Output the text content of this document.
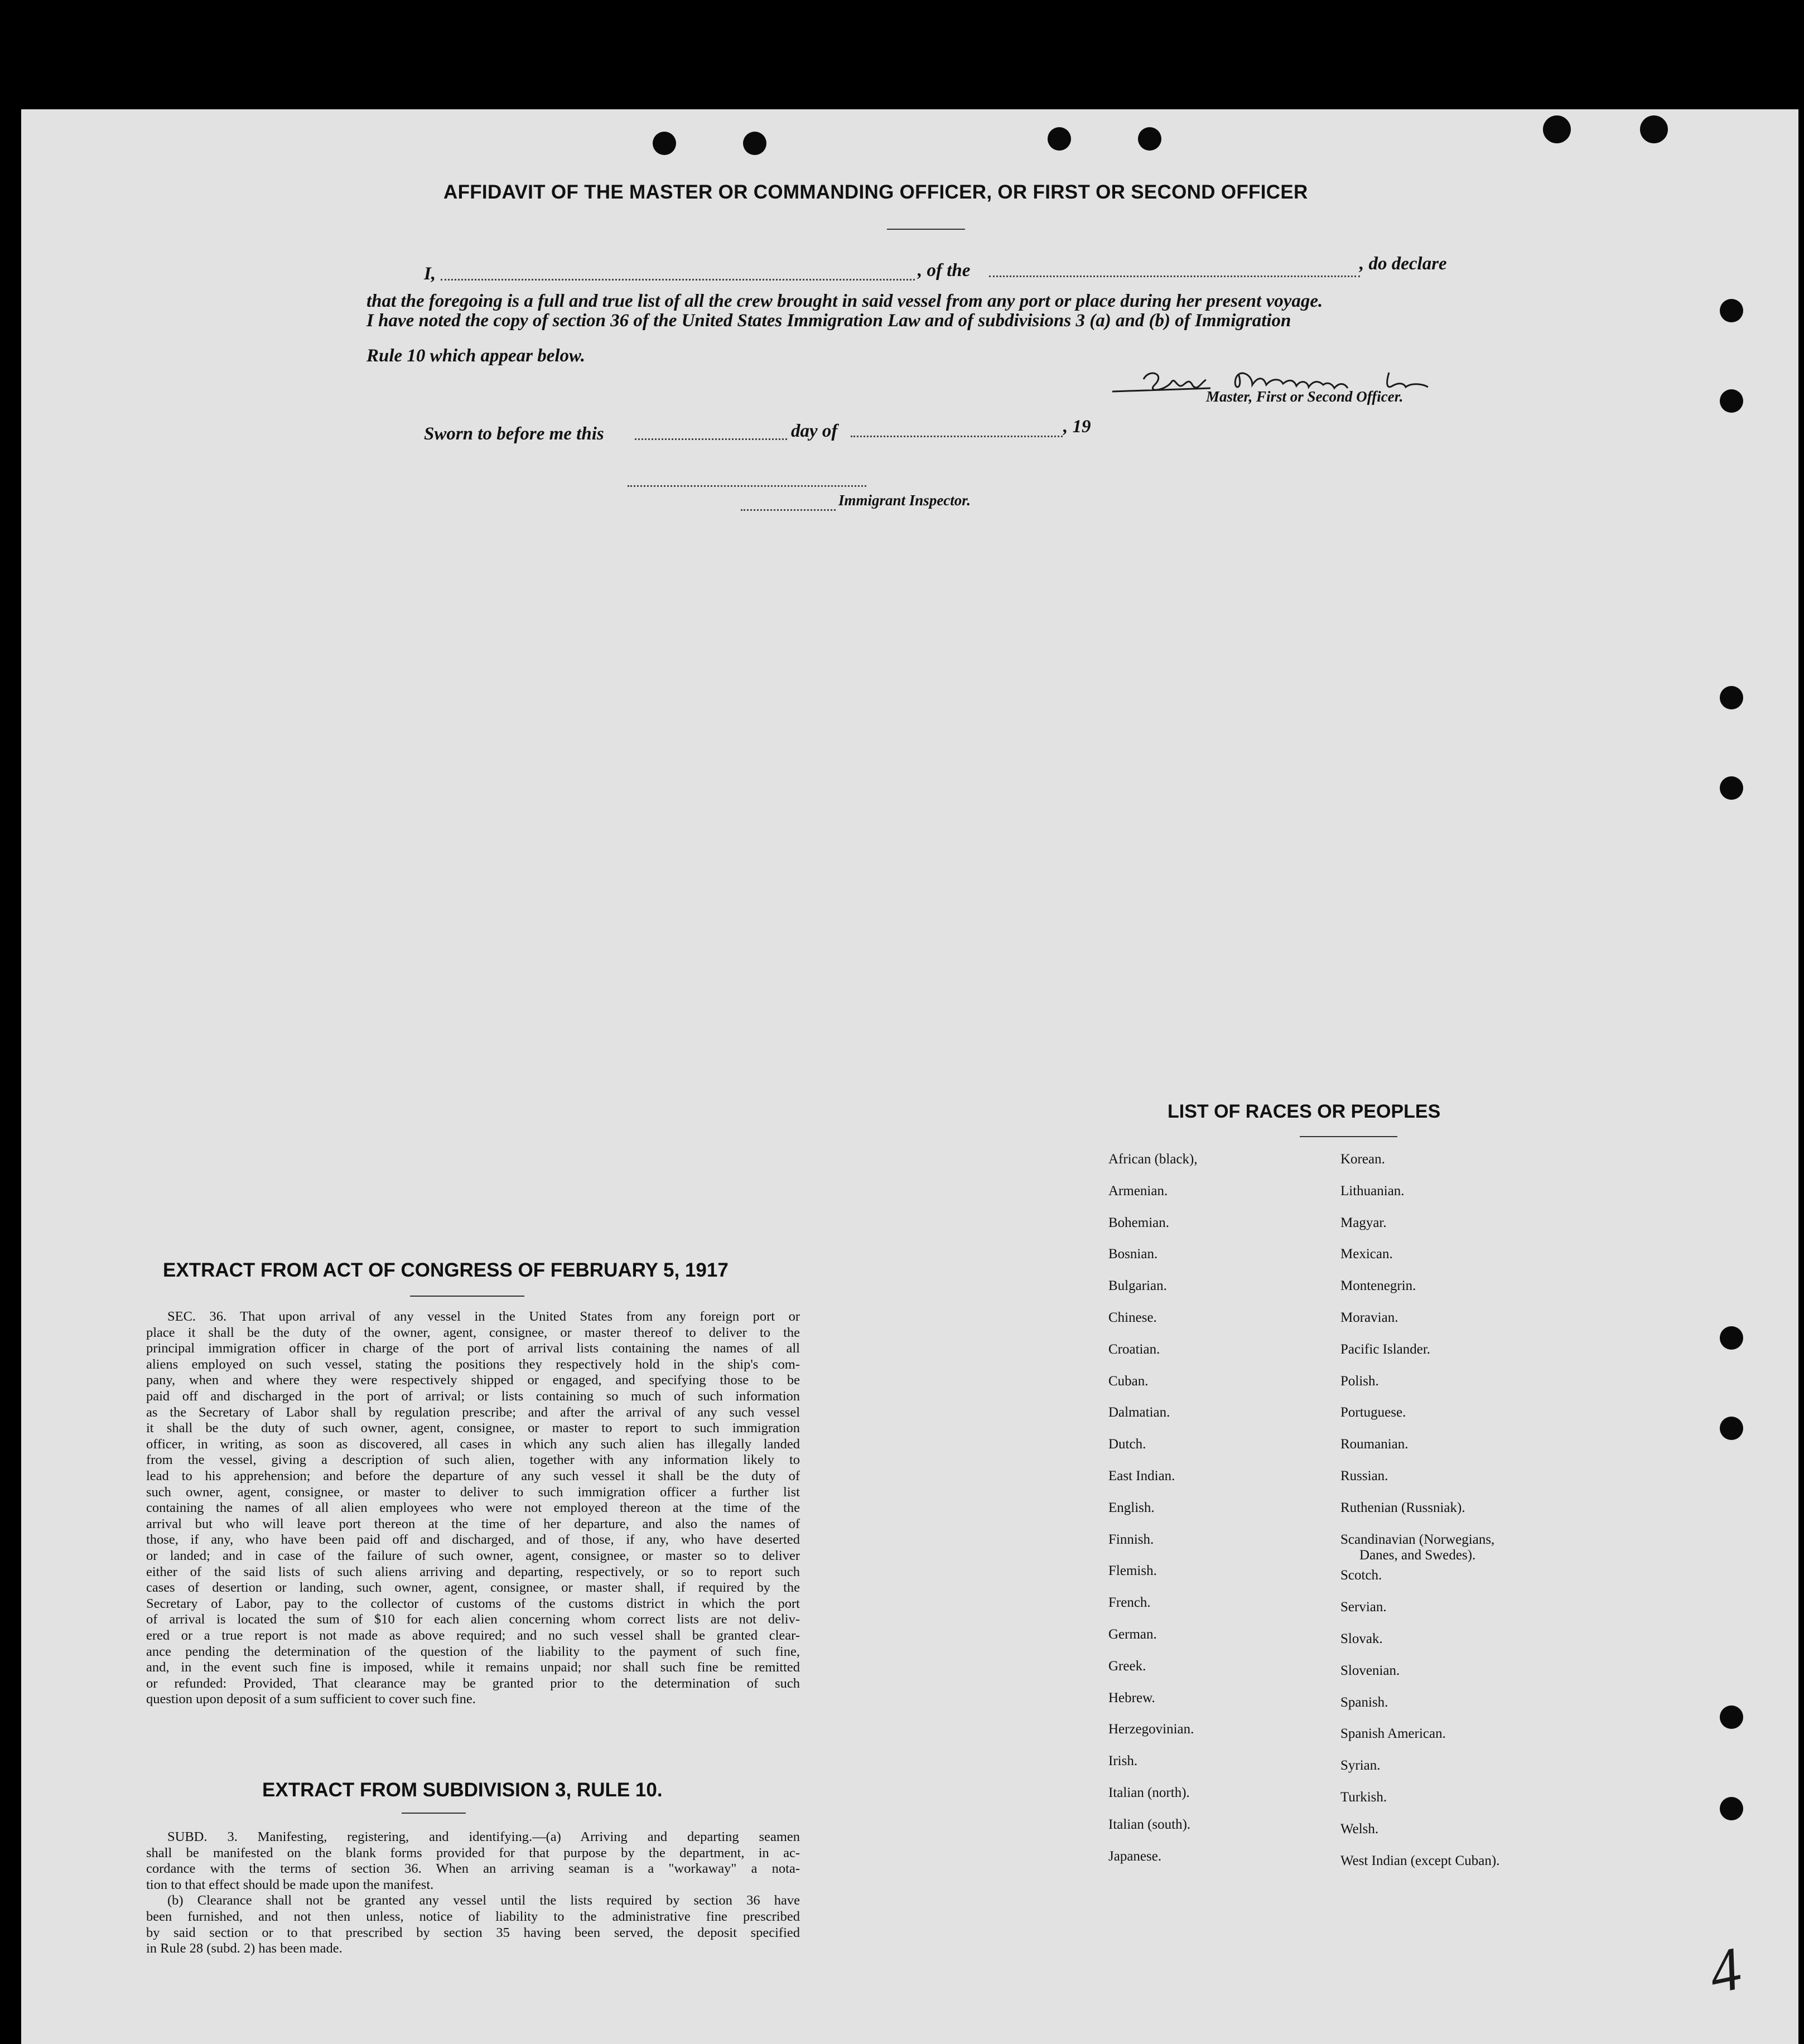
AFFIDAVIT OF THE MASTER OR COMMANDING OFFICER, OR FIRST OR SECOND OFFICER
I,	, of the	, do declare
that the foregoing is a full and true list of all the crew brought in said vessel from any port or place during her present voyage.
I have noted the copy of section 36 of the United States Immigration Law and of subdivisions 3 (a) and (b) of Immigration
Rule 10 which appear below.
Master, First or Second Officer.
Sworn to before me this	day of	, 19
Immigrant Inspector.
LIST OF RACES OR PEOPLES
African (black),
Armenian.
Bohemian.
Bosnian.
Bulgarian.
Chinese.
Croatian.
Cuban.
Dalmatian.
Dutch.
East Indian.
English.
Finnish.
Flemish.
French.
German.
Greek.
Hebrew.
Herzegovinian.
Irish.
Italian (north).
Italian (south).
Japanese.
Korean.
Lithuanian.
Magyar.
Mexican.
Montenegrin.
Moravian.
Pacific Islander.
Polish.
Portuguese.
Roumanian.
Russian.
Ruthenian (Russniak).
Scandinavian (Norwegians,
Danes, and Swedes).
Scotch.
Servian.
Slovak.
Slovenian.
Spanish.
Spanish American.
Syrian.
Turkish.
Welsh.
West Indian (except Cuban).
EXTRACT FROM ACT OF CONGRESS OF FEBRUARY 5, 1917
SEC. 36. That upon arrival of any vessel in the United States from any foreign port or
place it shall be the duty of the owner, agent, consignee, or master thereof to deliver to the
principal immigration officer in charge of the port of arrival lists containing the names of all
aliens employed on such vessel, stating the positions they respectively hold in the ship's com-
pany, when and where they were respectively shipped or engaged, and specifying those to be
paid off and discharged in the port of arrival; or lists containing so much of such information
as the Secretary of Labor shall by regulation prescribe; and after the arrival of any such vessel
it shall be the duty of such owner, agent, consignee, or master to report to such immigration
officer, in writing, as soon as discovered, all cases in which any such alien has illegally landed
from the vessel, giving a description of such alien, together with any information likely to
lead to his apprehension; and before the departure of any such vessel it shall be the duty of
such owner, agent, consignee, or master to deliver to such immigration officer a further list
containing the names of all alien employees who were not employed thereon at the time of the
arrival but who will leave port thereon at the time of her departure, and also the names of
those, if any, who have been paid off and discharged, and of those, if any, who have deserted
or landed; and in case of the failure of such owner, agent, consignee, or master so to deliver
either of the said lists of such aliens arriving and departing, respectively, or so to report such
cases of desertion or landing, such owner, agent, consignee, or master shall, if required by the
Secretary of Labor, pay to the collector of customs of the customs district in which the port
of arrival is located the sum of $10 for each alien concerning whom correct lists are not deliv-
ered or a true report is not made as above required; and no such vessel shall be granted clear-
ance pending the determination of the question of the liability to the payment of such fine,
and, in the event such fine is imposed, while it remains unpaid; nor shall such fine be remitted
or refunded: Provided, That clearance may be granted prior to the determination of such
question upon deposit of a sum sufficient to cover such fine.
EXTRACT FROM SUBDIVISION 3, RULE 10.
SUBD. 3. Manifesting, registering, and identifying.—(a) Arriving and departing seamen
shall be manifested on the blank forms provided for that purpose by the department, in ac-
cordance with the terms of section 36. When an arriving seaman is a "workaway" a nota-
tion to that effect should be made upon the manifest.
(b) Clearance shall not be granted any vessel until the lists required by section 36 have
been furnished, and not then unless, notice of liability to the administrative fine prescribed
by said section or to that prescribed by section 35 having been served, the deposit specified
in Rule 28 (subd. 2) has been made.	4
